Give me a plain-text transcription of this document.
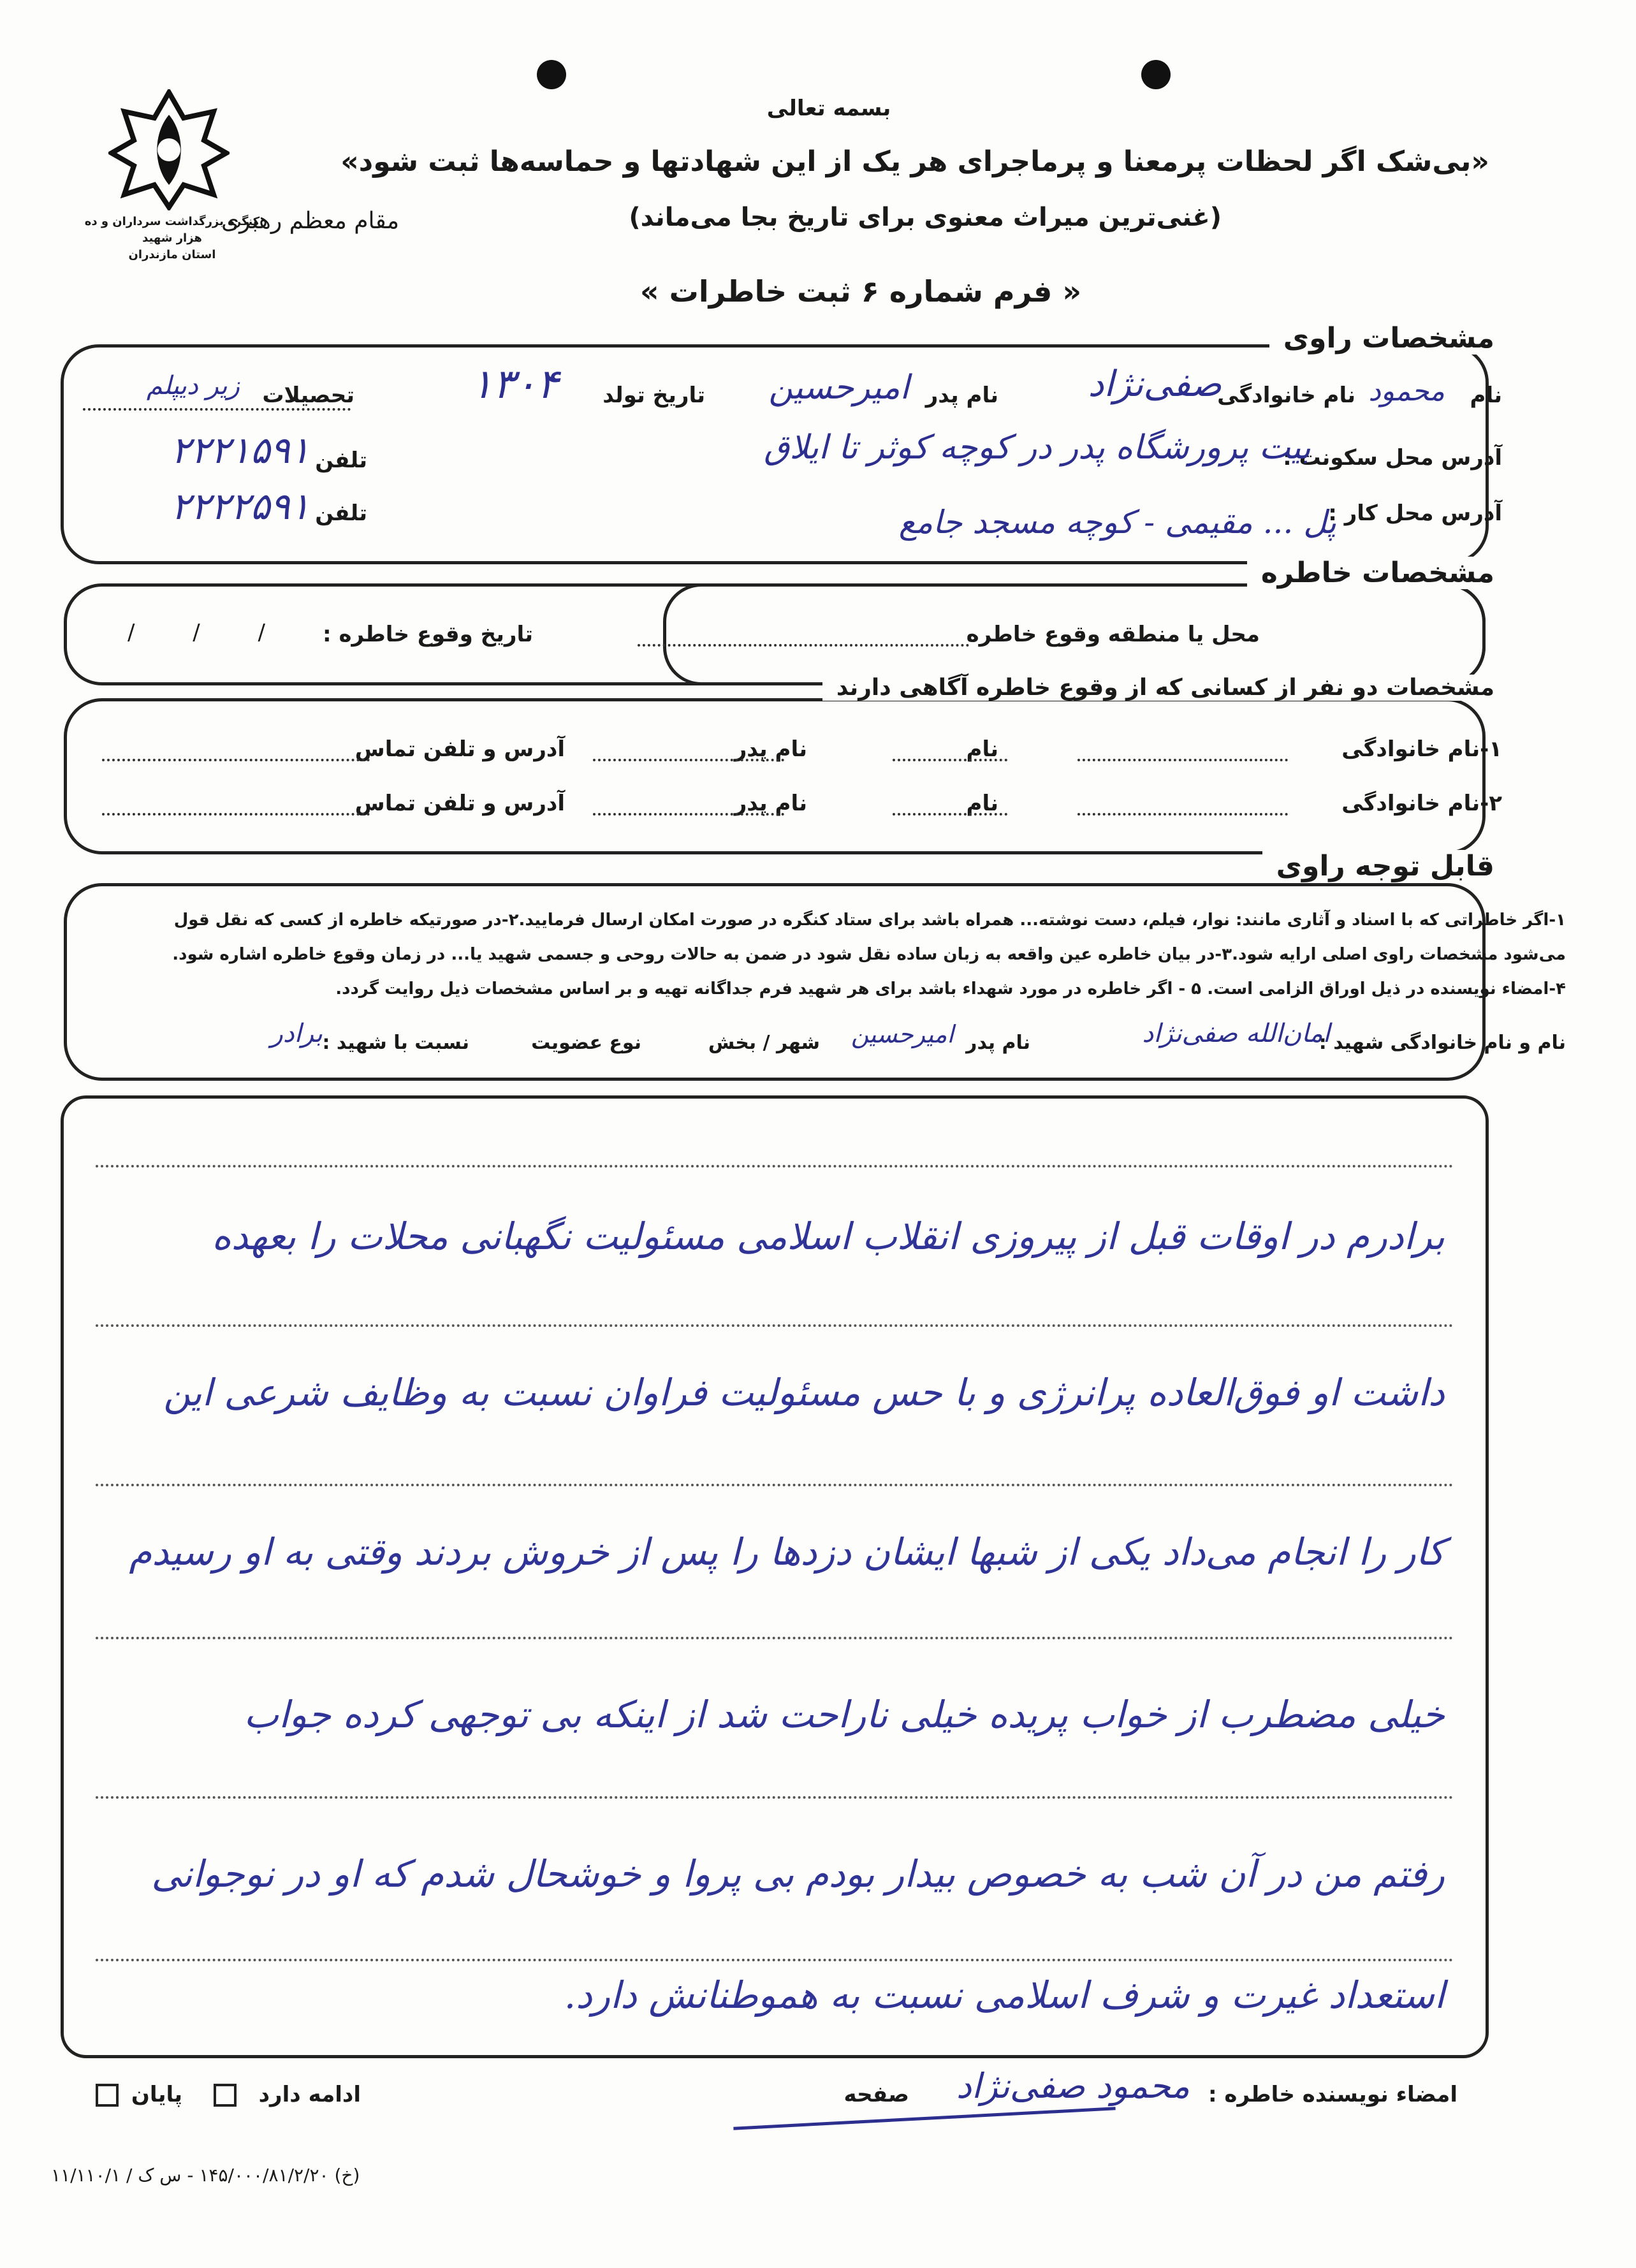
کنگره بزرگداشت سرداران و ده هزار شهید
استان مازندران
بسمه تعالی
«بی‌شک اگر لحظات پرمعنا و پرماجرای هر یک از این شهادتها و حماسه‌ها ثبت شود»
(غنی‌ترین میراث معنوی برای تاریخ بجا می‌ماند)
مقام معظم رهبری
« فرم شماره ۶ ثبت خاطرات »
مشخصات راوی
نام
محمود
نام خانوادگی
صفی‌نژاد
نام پدر
امیرحسین
تاریخ تولد
۱۳۰۴
تحصیلات
زیر دیپلم
آدرس محل سکونت :
بیت پرورشگاه پدر در کوچه کوثر تا ایلاق
تلفن
۲۲۲۱۵۹۱
آدرس محل کار :
پل ... مقیمی - کوچه مسجد جامع
تلفن
۲۲۲۲۵۹۱
مشخصات خاطره
محل یا منطقه وقوع خاطره
تاریخ وقوع خاطره :
/ / /
مشخصات دو نفر از کسانی که از وقوع خاطره آگاهی دارند
۱-نام خانوادگی
نام
نام پدر
آدرس و تلفن تماس
۲-نام خانوادگی
نام
نام پدر
آدرس و تلفن تماس
قابل توجه راوی
۱-اگر خاطراتی که با اسناد و آثاری مانند: نوار، فیلم، دست نوشته... همراه باشد برای ستاد کنگره در صورت امکان ارسال فرمایید.۲-در صورتیکه خاطره از کسی که نقل قول
می‌شود مشخصات راوی اصلی ارایه شود.۳-در بیان خاطره عین واقعه به زبان ساده نقل شود در ضمن به حالات روحی و جسمی شهید یا... در زمان وقوع خاطره اشاره شود.
۴-امضاء نویسنده در ذیل اوراق الزامی است. ۵ - اگر خاطره در مورد شهداء باشد برای هر شهید فرم جداگانه تهیه و بر اساس مشخصات ذیل روایت گردد.
نام و نام خانوادگی شهید :
امان‌الله صفی‌نژاد
نام پدر
امیرحسین
شهر / بخش
نوع عضویت
نسبت با شهید :
برادر
برادرم در اوقات قبل از پیروزی انقلاب اسلامی مسئولیت نگهبانی محلات را بعهده
داشت او فوق‌العاده پرانرژی و با حس مسئولیت فراوان نسبت به وظایف شرعی این
کار را انجام می‌داد یکی از شبها ایشان دزدها را پس از خروش بردند وقتی به او رسیدم
خیلی مضطرب از خواب پریده خیلی ناراحت شد از اینکه بی توجهی کرده جواب
رفتم من در آن شب به خصوص بیدار بودم بی پروا و خوشحال شدم که او در نوجوانی
استعداد غیرت و شرف اسلامی نسبت به هموطنانش دارد.
امضاء نویسنده خاطره :
محمود صفی‌نژاد
صفحه
ادامه دارد
پایان
(خ) ۱۴۵/۰۰۰/۸۱/۲/۲۰ - س ک / ۱۱/۱۱۰/۱
